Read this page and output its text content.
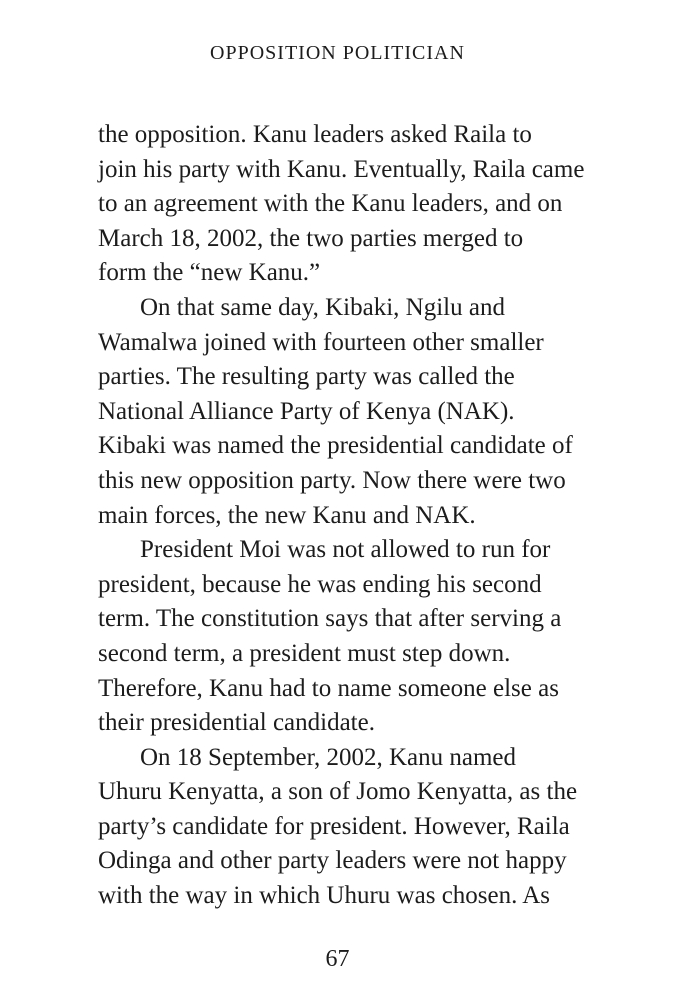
OPPOSITION POLITICIAN
the opposition. Kanu leaders asked Raila to
join his party with Kanu. Eventually, Raila came
to an agreement with the Kanu leaders, and on
March 18, 2002, the two parties merged to
form the “new Kanu.”
On that same day, Kibaki, Ngilu and
Wamalwa joined with fourteen other smaller
parties. The resulting party was called the
National Alliance Party of Kenya (NAK).
Kibaki was named the presidential candidate of
this new opposition party. Now there were two
main forces, the new Kanu and NAK.
President Moi was not allowed to run for
president, because he was ending his second
term. The constitution says that after serving a
second term, a president must step down.
Therefore, Kanu had to name someone else as
their presidential candidate.
On 18 September, 2002, Kanu named
Uhuru Kenyatta, a son of Jomo Kenyatta, as the
party’s candidate for president. However, Raila
Odinga and other party leaders were not happy
with the way in which Uhuru was chosen. As
67
